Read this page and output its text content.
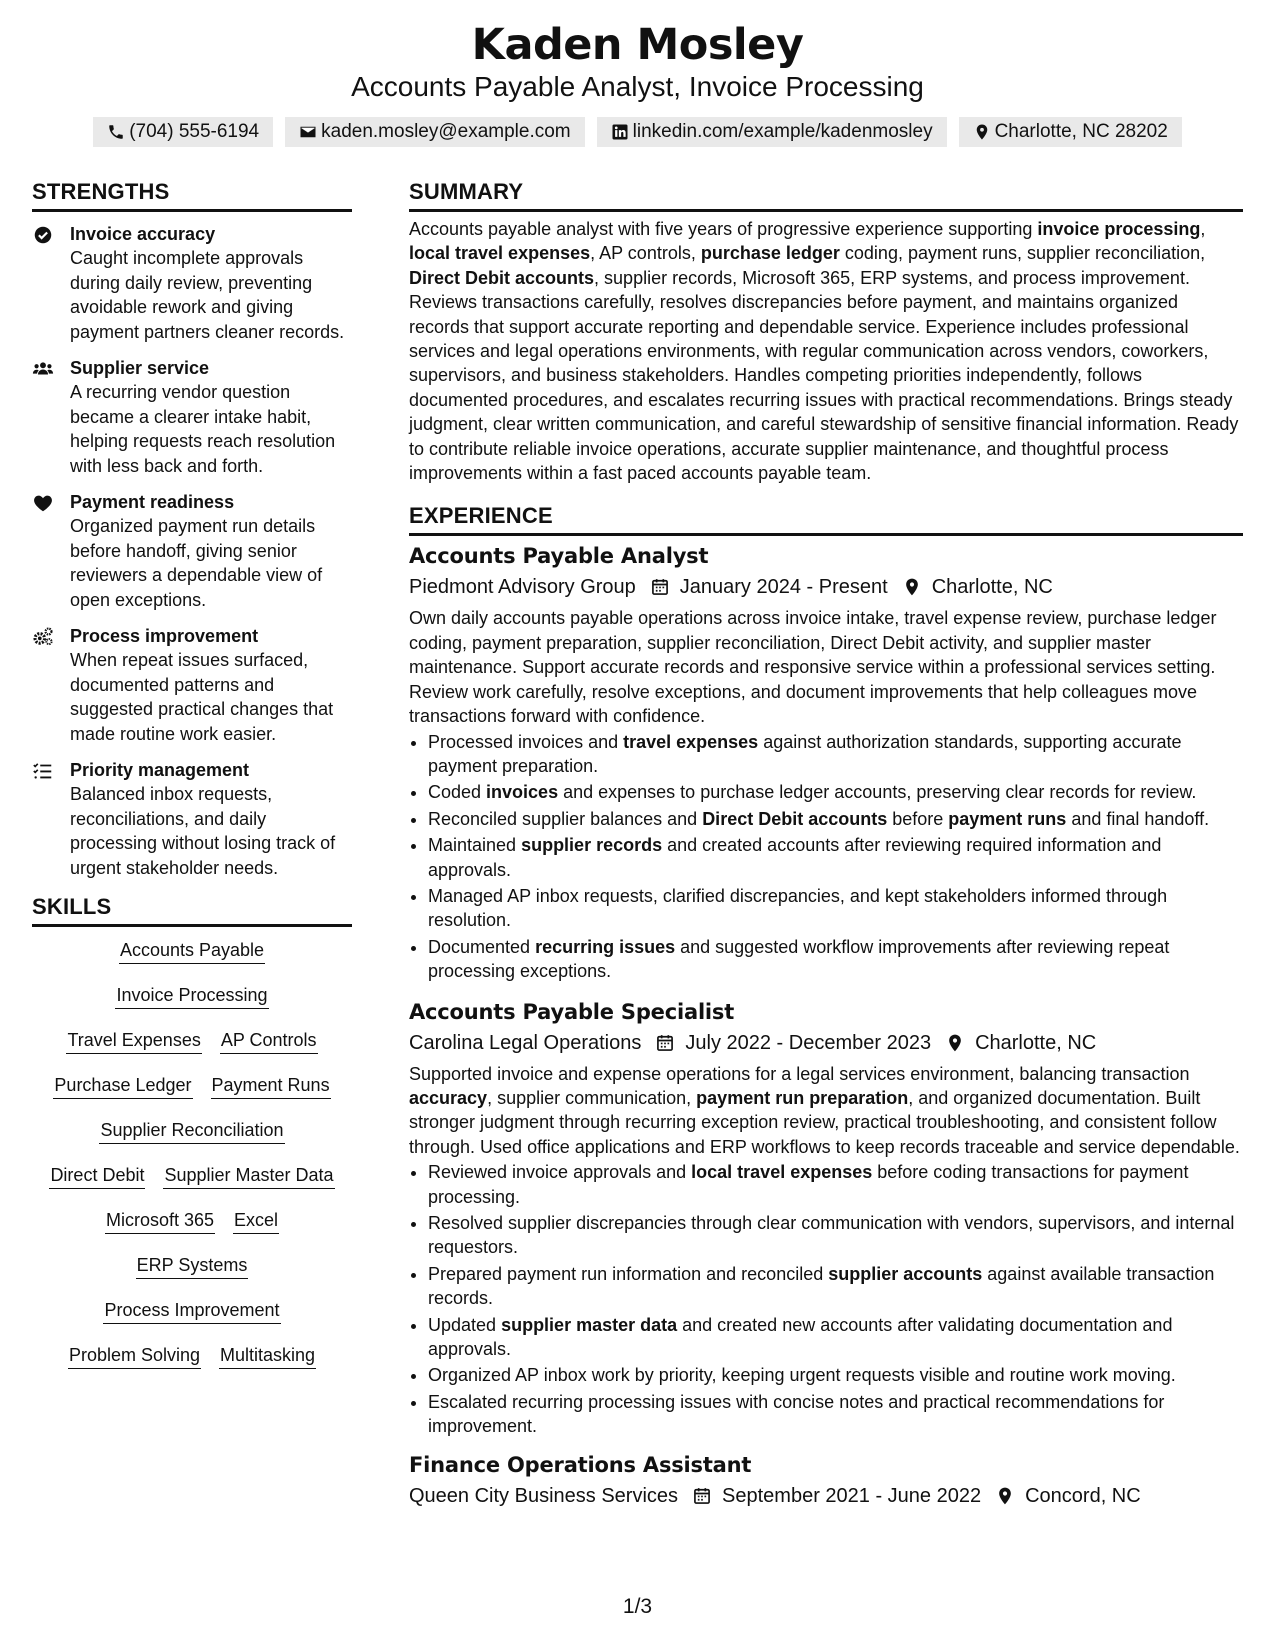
Kaden Mosley
Accounts Payable Analyst, Invoice Processing
(704) 555-6194	kaden.mosley@example.com	linkedin.com/example/kadenmosley	Charlotte, NC 28202
STRENGTHS
Invoice accuracy
Caught incomplete approvals during daily review, preventing avoidable rework and giving payment partners cleaner records.
Supplier service
A recurring vendor question became a clearer intake habit, helping requests reach resolution with less back and forth.
Payment readiness
Organized payment run details before handoff, giving senior reviewers a dependable view of open exceptions.
Process improvement
When repeat issues surfaced, documented patterns and suggested practical changes that made routine work easier.
Priority management
Balanced inbox requests, reconciliations, and daily processing without losing track of urgent stakeholder needs.
SKILLS
Accounts Payable
Invoice Processing
Travel Expenses AP Controls
Purchase Ledger Payment Runs
Supplier Reconciliation
Direct Debit Supplier Master Data
Microsoft 365 Excel
ERP Systems
Process Improvement
Problem Solving Multitasking
SUMMARY
Accounts payable analyst with five years of progressive experience supporting invoice processing, local travel expenses, AP controls, purchase ledger coding, payment runs, supplier reconciliation, Direct Debit accounts, supplier records, Microsoft 365, ERP systems, and process improvement. Reviews transactions carefully, resolves discrepancies before payment, and maintains organized records that support accurate reporting and dependable service. Experience includes professional services and legal operations environments, with regular communication across vendors, coworkers, supervisors, and business stakeholders. Handles competing priorities independently, follows documented procedures, and escalates recurring issues with practical recommendations. Brings steady judgment, clear written communication, and careful stewardship of sensitive financial information. Ready to contribute reliable invoice operations, accurate supplier maintenance, and thoughtful process improvements within a fast paced accounts payable team.
EXPERIENCE
Accounts Payable Analyst
Piedmont Advisory Group January 2024 - Present Charlotte, NC
Own daily accounts payable operations across invoice intake, travel expense review, purchase ledger coding, payment preparation, supplier reconciliation, Direct Debit activity, and supplier master maintenance. Support accurate records and responsive service within a professional services setting. Review work carefully, resolve exceptions, and document improvements that help colleagues move transactions forward with confidence.
• Processed invoices and travel expenses against authorization standards, supporting accurate payment preparation.
• Coded invoices and expenses to purchase ledger accounts, preserving clear records for review.
• Reconciled supplier balances and Direct Debit accounts before payment runs and final handoff.
• Maintained supplier records and created accounts after reviewing required information and approvals.
• Managed AP inbox requests, clarified discrepancies, and kept stakeholders informed through resolution.
• Documented recurring issues and suggested workflow improvements after reviewing repeat processing exceptions.
Accounts Payable Specialist
Carolina Legal Operations July 2022 - December 2023 Charlotte, NC
Supported invoice and expense operations for a legal services environment, balancing transaction accuracy, supplier communication, payment run preparation, and organized documentation. Built stronger judgment through recurring exception review, practical troubleshooting, and consistent follow through. Used office applications and ERP workflows to keep records traceable and service dependable.
• Reviewed invoice approvals and local travel expenses before coding transactions for payment processing.
• Resolved supplier discrepancies through clear communication with vendors, supervisors, and internal requestors.
• Prepared payment run information and reconciled supplier accounts against available transaction records.
• Updated supplier master data and created new accounts after validating documentation and approvals.
• Organized AP inbox work by priority, keeping urgent requests visible and routine work moving.
• Escalated recurring processing issues with concise notes and practical recommendations for improvement.
Finance Operations Assistant
Queen City Business Services September 2021 - June 2022 Concord, NC
1/3
